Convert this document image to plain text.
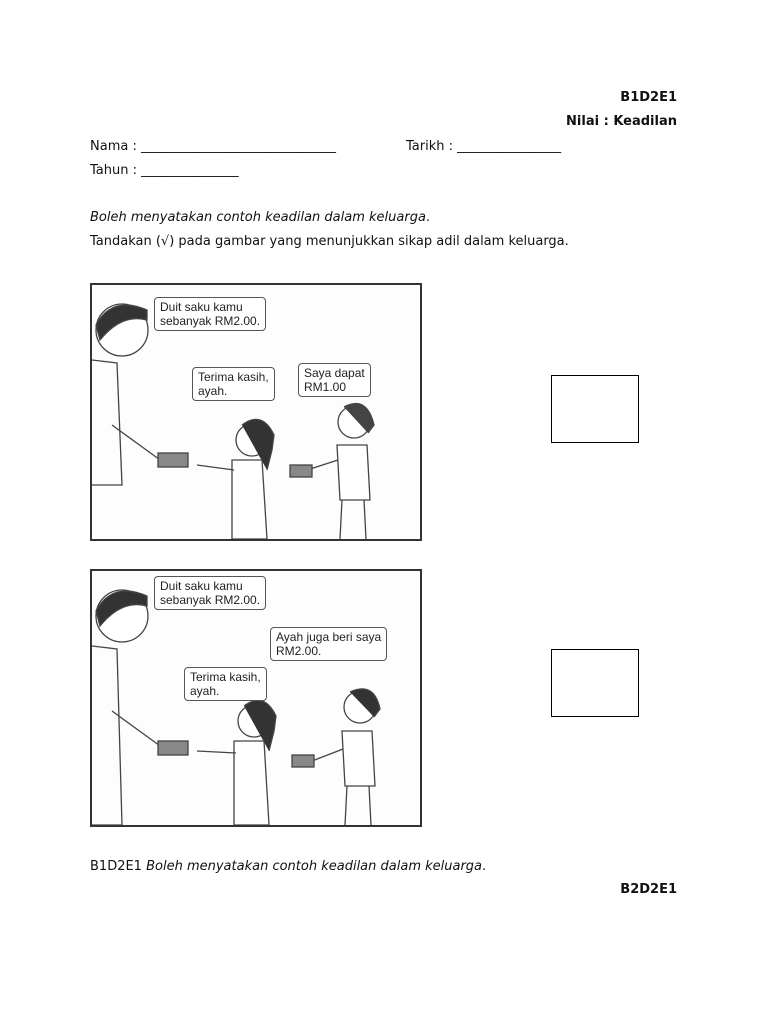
B1D2E1
Nilai : Keadilan
Nama : ______________________________	Tarikh : ________________
Tahun : _______________
Boleh menyatakan contoh keadilan dalam keluarga.
Tandakan (√) pada gambar yang menunjukkan sikap adil dalam keluarga.
Duit saku kamu
sebanyak RM2.00.
Terima kasih,
ayah.
Saya dapat
RM1.00
Duit saku kamu
sebanyak RM2.00.
Terima kasih,
ayah.
Ayah juga beri saya
RM2.00.
B1D2E1 Boleh menyatakan contoh keadilan dalam keluarga.
B2D2E1
